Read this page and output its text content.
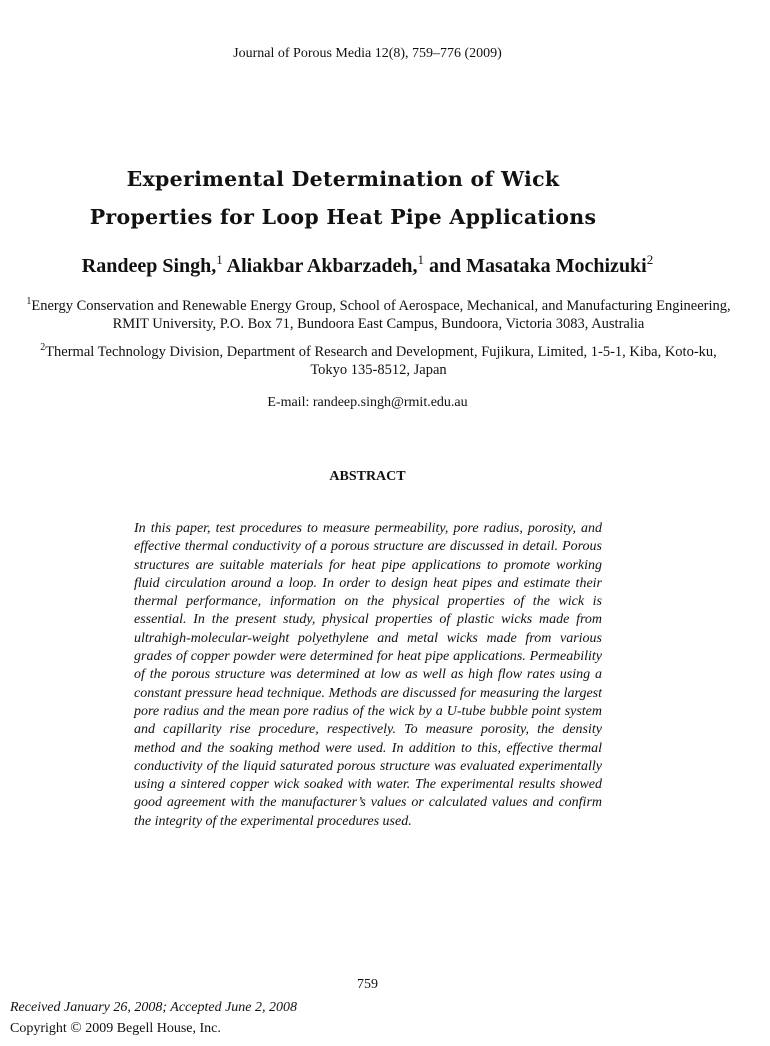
Journal of Porous Media 12(8), 759–776 (2009)
Experimental Determination of Wick
Properties for Loop Heat Pipe Applications
Randeep Singh,$^1$ Aliakbar Akbarzadeh,$^1$ and Masataka Mochizuki$^2$
$^1$Energy Conservation and Renewable Energy Group, School of Aerospace, Mechanical, and Manufacturing Engineering, RMIT University, P.O. Box 71, Bundoora East Campus, Bundoora, Victoria 3083, Australia
$^2$Thermal Technology Division, Department of Research and Development, Fujikura, Limited, 1-5-1, Kiba, Koto-ku, Tokyo 135-8512, Japan
E-mail: randeep.singh@rmit.edu.au
ABSTRACT
In this paper, test procedures to measure permeability, pore radius, porosity, and effective thermal conductivity of a porous structure are discussed in detail. Porous structures are suitable materials for heat pipe applications to promote working fluid circulation around a loop. In order to design heat pipes and estimate their thermal performance, information on the physical properties of the wick is essential. In the present study, physical properties of plastic wicks made from ultrahigh-molecular-weight polyethylene and metal wicks made from various grades of copper powder were determined for heat pipe applications. Permeability of the porous structure was determined at low as well as high flow rates using a constant pressure head technique. Methods are discussed for measuring the largest pore radius and the mean pore radius of the wick by a U-tube bubble point system and capillarity rise procedure, respectively. To measure porosity, the density method and the soaking method were used. In addition to this, effective thermal conductivity of the liquid saturated porous structure was evaluated experimentally using a sintered copper wick soaked with water. The experimental results showed good agreement with the manufacturer’s values or calculated values and confirm the integrity of the experimental procedures used.
759
Received January 26, 2008; Accepted June 2, 2008
Copyright © 2009 Begell House, Inc.
